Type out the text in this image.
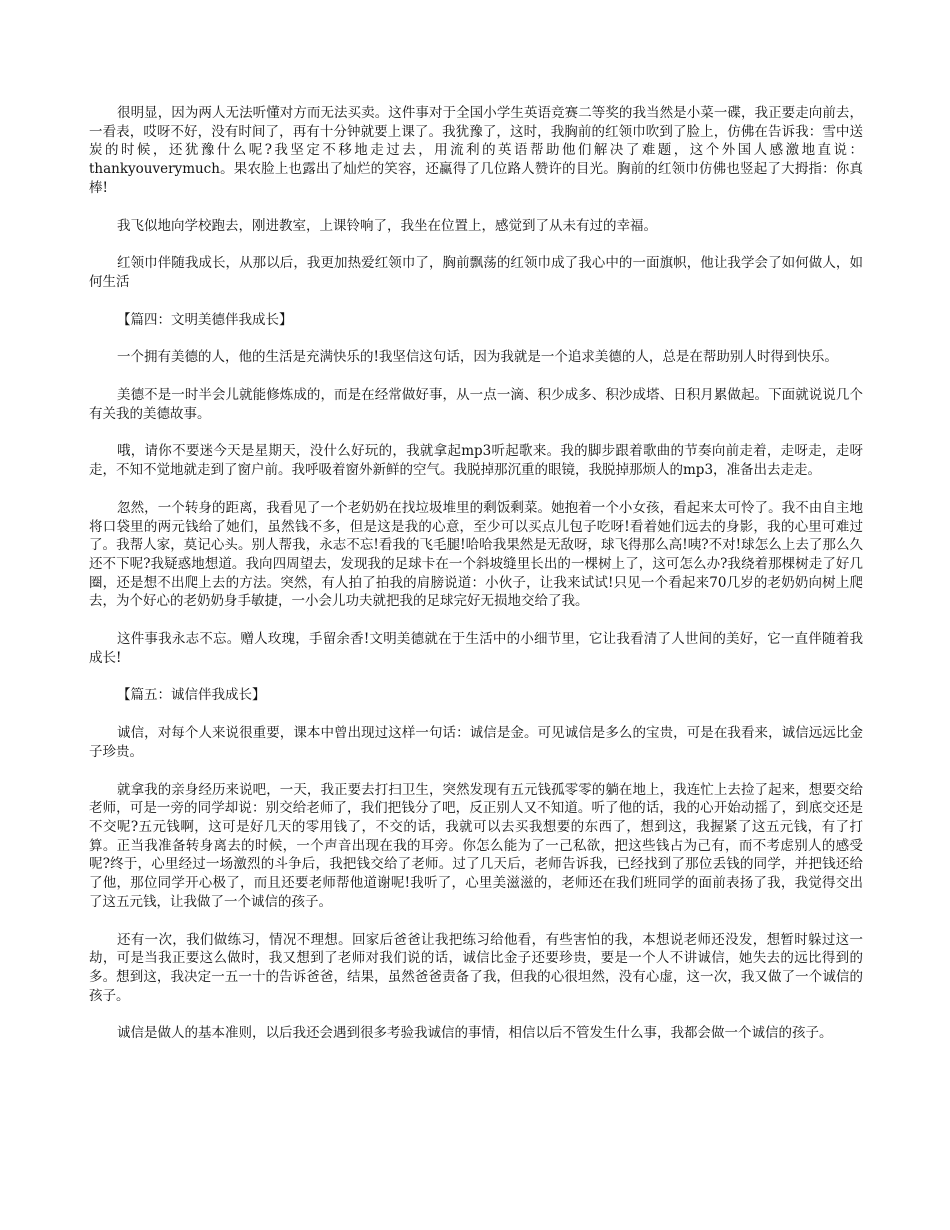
很明显，因为两人无法听懂对方而无法买卖。这件事对于全国小学生英语竞赛二等奖的我当然是小菜一碟，我正要走向前去，一看表，哎呀不好，没有时间了，再有十分钟就要上课了。我犹豫了，这时，我胸前的红领巾吹到了脸上，仿佛在告诉我：雪中送炭的时候，还犹豫什么呢?我坚定不移地走过去，用流利的英语帮助他们解决了难题，这个外国人感激地直说：thankyouverymuch。果农脸上也露出了灿烂的笑容，还赢得了几位路人赞许的目光。胸前的红领巾仿佛也竖起了大拇指：你真棒!

我飞似地向学校跑去，刚进教室，上课铃响了，我坐在位置上，感觉到了从未有过的幸福。

红领巾伴随我成长，从那以后，我更加热爱红领巾了，胸前飘荡的红领巾成了我心中的一面旗帜，他让我学会了如何做人，如何生活

【篇四：文明美德伴我成长】

一个拥有美德的人，他的生活是充满快乐的!我坚信这句话，因为我就是一个追求美德的人，总是在帮助别人时得到快乐。

美德不是一时半会儿就能修炼成的，而是在经常做好事，从一点一滴、积少成多、积沙成塔、日积月累做起。下面就说说几个有关我的美德故事。

哦，请你不要迷今天是星期天，没什么好玩的，我就拿起mp3听起歌来。我的脚步跟着歌曲的节奏向前走着，走呀走，走呀走，不知不觉地就走到了窗户前。我呼吸着窗外新鲜的空气。我脱掉那沉重的眼镜，我脱掉那烦人的mp3，准备出去走走。

忽然，一个转身的距离，我看见了一个老奶奶在找垃圾堆里的剩饭剩菜。她抱着一个小女孩，看起来太可怜了。我不由自主地将口袋里的两元钱给了她们，虽然钱不多，但是这是我的心意，至少可以买点儿包子吃呀!看着她们远去的身影，我的心里可难过了。我帮人家，莫记心头。别人帮我，永志不忘!看我的飞毛腿!哈哈我果然是无敌呀，球飞得那么高!咦?不对!球怎么上去了那么久还不下呢?我疑惑地想道。我向四周望去，发现我的足球卡在一个斜坡缝里长出的一棵树上了，这可怎么办?我绕着那棵树走了好几圈，还是想不出爬上去的方法。突然，有人拍了拍我的肩膀说道：小伙子，让我来试试!只见一个看起来70几岁的老奶奶向树上爬去，为个好心的老奶奶身手敏捷，一小会儿功夫就把我的足球完好无损地交给了我。

这件事我永志不忘。赠人玫瑰，手留余香!文明美德就在于生活中的小细节里，它让我看清了人世间的美好，它一直伴随着我成长!

【篇五：诚信伴我成长】

诚信，对每个人来说很重要，课本中曾出现过这样一句话：诚信是金。可见诚信是多么的宝贵，可是在我看来，诚信远远比金子珍贵。

就拿我的亲身经历来说吧，一天，我正要去打扫卫生，突然发现有五元钱孤零零的躺在地上，我连忙上去捡了起来，想要交给老师，可是一旁的同学却说：别交给老师了，我们把钱分了吧，反正别人又不知道。听了他的话，我的心开始动摇了，到底交还是不交呢?五元钱啊，这可是好几天的零用钱了，不交的话，我就可以去买我想要的东西了，想到这，我握紧了这五元钱，有了打算。正当我准备转身离去的时候，一个声音出现在我的耳旁。你怎么能为了一己私欲，把这些钱占为己有，而不考虑别人的感受呢?终于，心里经过一场激烈的斗争后，我把钱交给了老师。过了几天后，老师告诉我，已经找到了那位丢钱的同学，并把钱还给了他，那位同学开心极了，而且还要老师帮他道谢呢!我听了，心里美滋滋的，老师还在我们班同学的面前表扬了我，我觉得交出了这五元钱，让我做了一个诚信的孩子。

还有一次，我们做练习，情况不理想。回家后爸爸让我把练习给他看，有些害怕的我，本想说老师还没发，想暂时躲过这一劫，可是当我正要这么做时，我又想到了老师对我们说的话，诚信比金子还要珍贵，要是一个人不讲诚信，她失去的远比得到的多。想到这，我决定一五一十的告诉爸爸，结果，虽然爸爸责备了我，但我的心很坦然，没有心虚，这一次，我又做了一个诚信的孩子。

诚信是做人的基本准则，以后我还会遇到很多考验我诚信的事情，相信以后不管发生什么事，我都会做一个诚信的孩子。
